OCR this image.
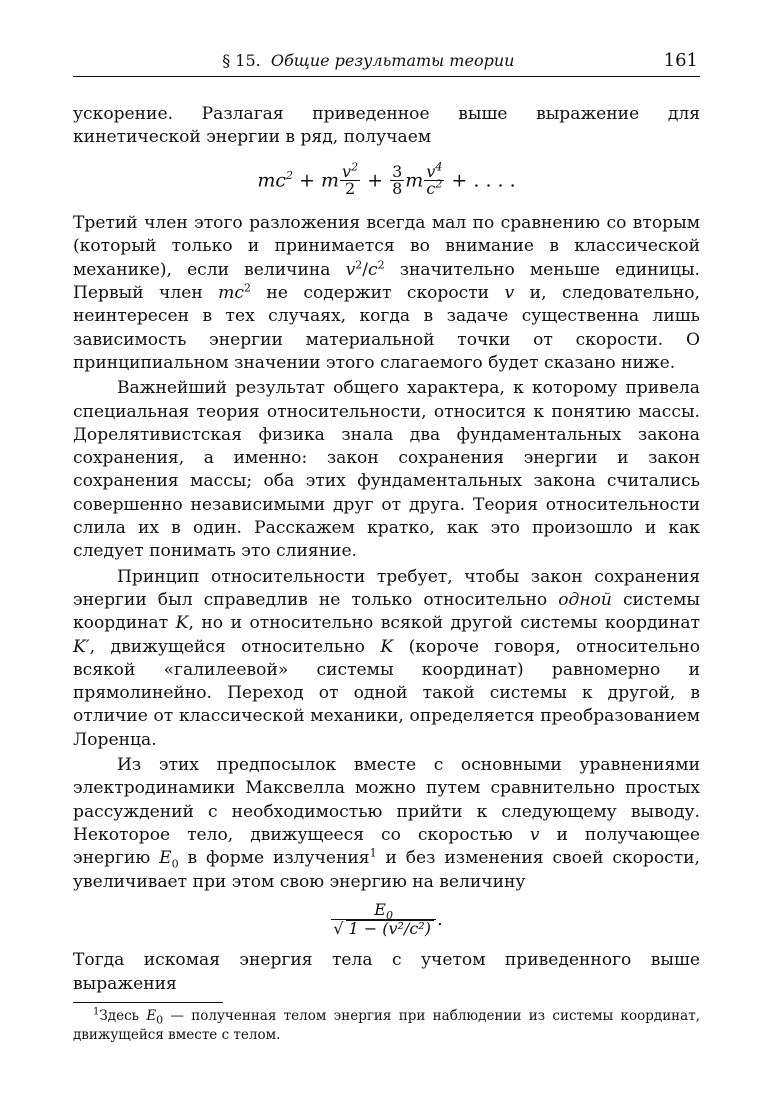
§ 15. Общие результаты теории	161

ускорение. Разлагая приведенное выше выражение для кинетической энергии в ряд, получаем

$mc^2 + m \frac{v^2}{2} + \frac{3}{8}$ m $\frac{v^4}{c^2}$ + . . . .

Третий член этого разложения всегда мал по сравнению со вторым (который только и принимается во внимание в классической механике), если величина $v^2/c^2$ значительно меньше единицы. Первый член $mc^2$ не содержит скорости v и, следовательно, неинтересен в тех случаях, когда в задаче существенна лишь зависимость энергии материальной точки от скорости. О принципиальном значении этого слагаемого будет сказано ниже.

Важнейший результат общего характера, к которому привела специальная теория относительности, относится к понятию массы. Дорелятивистская физика знала два фундаментальных закона сохранения, а именно: закон сохранения энергии и закон сохранения массы; оба этих фундаментальных закона считались совершенно независимыми друг от друга. Теория относительности слила их в один. Расскажем кратко, как это произошло и как следует понимать это слияние.

Принцип относительности требует, чтобы закон сохранения энергии был справедлив не только относительно одной системы координат K, но и относительно всякой другой системы координат K′, движущейся относительно K (короче говоря, относительно всякой «галилеевой» системы координат) равномерно и прямолинейно. Переход от одной такой системы к другой, в отличие от классической механики, определяется преобразованием Лоренца.

Из этих предпосылок вместе с основными уравнениями электродинамики Максвелла можно путем сравнительно простых рассуждений с необходимостью прийти к следующему выводу. Некоторое тело, движущееся со скоростью v и получающее энергию $E_0$ в форме излучения$^1$ и без изменения своей скорости, увеличивает при этом свою энергию на величину

$\frac{E_0}{\text{√ 1 − (v²/c²)}}$ .

Тогда искомая энергия тела с учетом приведенного выше выражения

$^1$Здесь $E_0$ — полученная телом энергия при наблюдении из системы координат, движущейся вместе с телом.
